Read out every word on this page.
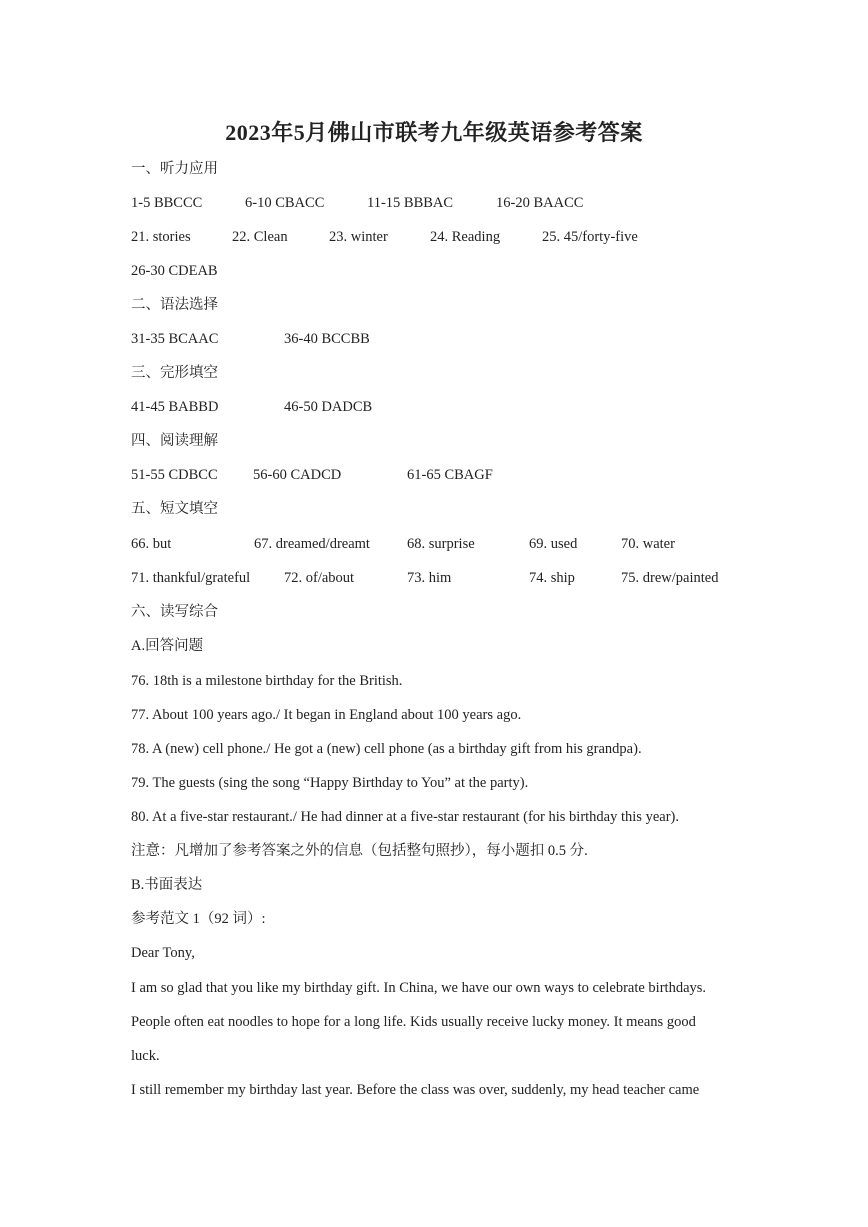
2023年5月佛山市联考九年级英语参考答案
一、听力应用
1-5 BBCCC	6-10 CBACC	11-15 BBBAC	16-20 BAACC
21. stories	22. Clean	23. winter	24. Reading	25. 45/forty-five
26-30 CDEAB
二、语法选择
31-35 BCAAC	36-40 BCCBB
三、完形填空
41-45 BABBD	46-50 DADCB
四、阅读理解
51-55 CDBCC 56-60 CADCD	61-65 CBAGF
五、短文填空
66. but	67. dreamed/dreamt	68. surprise	69. used	70. water
71. thankful/grateful 72. of/about	73. him	74. ship	75. drew/painted
六、读写综合
A.回答问题
76. 18th is a milestone birthday for the British.
77. About 100 years ago./ It began in England about 100 years ago.
78. A (new) cell phone./ He got a (new) cell phone (as a birthday gift from his grandpa).
79. The guests (sing the song “Happy Birthday to You” at the party).
80. At a five-star restaurant./ He had dinner at a five-star restaurant (for his birthday this year).
注意：凡增加了参考答案之外的信息（包括整句照抄），每小题扣 0.5 分.
B.书面表达
参考范文 1（92 词）:
Dear Tony,
I am so glad that you like my birthday gift. In China, we have our own ways to celebrate birthdays.
People often eat noodles to hope for a long life. Kids usually receive lucky money. It means good
luck.
I still remember my birthday last year. Before the class was over, suddenly, my head teacher came
